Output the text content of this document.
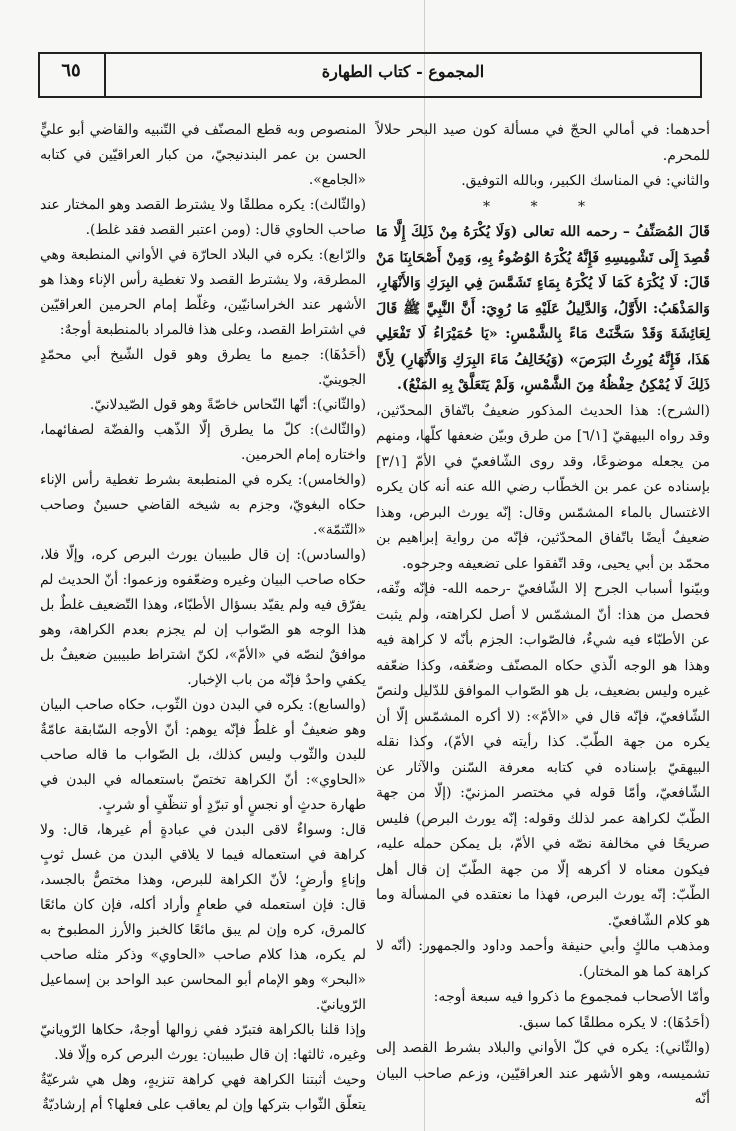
٦٥	المجموع - كتاب الطهارة

أحدهما: في أمالي الحجّ في مسألة كون صيد البحر حلالاً للمحرم.

والثاني: في المناسك الكبير، وبالله التوفيق.

* * *

قَالَ المُصَنِّفُ – رحمه الله تعالى (وَلَا يُكْرَهُ مِنْ ذَلِكَ إِلَّا مَا قُصِدَ إِلَى تَشْمِيسِهِ فَإِنَّهُ يُكْرَهُ الوُضُوءُ بِهِ، وَمِنْ أَصْحَابِنَا مَنْ قَالَ: لَا يُكْرَهُ كَمَا لَا يُكْرَهُ بِمَاءٍ تَشَمَّسَ فِي البِرَكِ وَالأَنْهَارِ، وَالمَذْهَبُ: الأَوَّلُ، وَالدَّلِيلُ عَلَيْهِ مَا رُوِيَ: أَنَّ النَّبِيَّ ﷺ قَالَ لِعَائِشَةَ وَقَدْ سَخَّنَتْ مَاءً بِالشَّمْسِ: «يَا حُمَيْرَاءُ لَا تَفْعَلِي هَذَا، فَإِنَّهُ يُورِثُ البَرَصَ» (وَيُخَالِفُ مَاءَ البِرَكِ وَالأَنْهَارِ) لِأَنَّ ذَلِكَ لَا يُمْكِنُ حِفْظُهُ مِنَ الشَّمْسِ، وَلَمْ يَتَعَلَّقْ بِهِ المَنْعُ).

(الشرح): هذا الحديث المذكور ضعيفٌ باتّفاق المحدّثين، وقد رواه البيهقيّ [٦/١] من طرق وبيّن ضعفها كلّها، ومنهم من يجعله موضوعًا، وقد روى الشّافعيّ في الأمّ [٣/١] بإسناده عن عمر بن الخطّاب رضي الله عنه أنه كان يكره الاغتسال بالماء المشمّس وقال: إنّه يورث البرص، وهذا ضعيفٌ أيضًا باتّفاق المحدّثين، فإنّه من رواية إبراهيم بن محمّد بن أبي يحيى، وقد اتّفقوا على تضعيفه وجرحوه.

وبيّنوا أسباب الجرح إلا الشّافعيّ -رحمه الله- فإنّه وثّقه، فحصل من هذا: أنّ المشمّس لا أصل لكراهته، ولم يثبت عن الأطبّاء فيه شيءٌ، فالصّواب: الجزم بأنّه لا كراهة فيه وهذا هو الوجه الّذي حكاه المصنّف وضعّفه، وكذا ضعّفه غيره وليس بضعيف، بل هو الصّواب الموافق للدّليل ولنصّ الشّافعيّ، فإنّه قال في «الأمّ»: (لا أكره المشمّس إلّا أن يكره من جهة الطّبّ. كذا رأيته في الأمّ)، وكذا نقله البيهقيّ بإسناده في كتابه معرفة السّنن والآثار عن الشّافعيّ، وأمّا قوله في مختصر المزنيّ: (إلّا من جهة الطّبّ لكراهة عمر لذلك وقوله: إنّه يورث البرص) فليس صريحًا في مخالفة نصّه في الأمّ، بل يمكن حمله عليه، فيكون معناه لا أكرهه إلّا من جهة الطّبّ إن قال أهل الطّبّ: إنّه يورث البرص، فهذا ما نعتقده في المسألة وما هو كلام الشّافعيّ.

ومذهب مالكٍ وأبي حنيفة وأحمد وداود والجمهور: (أنّه لا كراهة كما هو المختار).

وأمّا الأصحاب فمجموع ما ذكروا فيه سبعة أوجه:

(أحَدُهَا): لا يكره مطلقًا كما سبق.

(والثّاني): يكره في كلّ الأواني والبلاد بشرط القصد إلى تشميسه، وهو الأشهر عند العراقيّين، وزعم صاحب البيان أنّه

المنصوص وبه قطع المصنّف في التّنبيه والقاضي أبو عليٍّ الحسن بن عمر البندنيجيّ، من كبار العراقيّين في كتابه «الجامع».

(والثّالث): يكره مطلقًا ولا يشترط القصد وهو المختار عند صاحب الحاوي قال: (ومن اعتبر القصد فقد غلط).

والرّابع): يكره في البلاد الحارّة في الأواني المنطبعة وهي المطرقة، ولا يشترط القصد ولا تغطية رأس الإناء وهذا هو الأشهر عند الخراسانيّين، وغلّط إمام الحرمين العراقيّين في اشتراط القصد، وعلى هذا فالمراد بالمنطبعة أوجهٌ:

(أحَدُهَا): جميع ما يطرق وهو قول الشّيخ أبي محمّدٍ الجوينيّ.

(والثّاني): أنّها النّحاس خاصّةً وهو قول الصّيدلانيّ.

(والثّالث): كلّ ما يطرق إلّا الذّهب والفضّة لصفائهما، واختاره إمام الحرمين.

(والخامس): يكره في المنطبعة بشرط تغطية رأس الإناء حكاه البغويّ، وجزم به شيخه القاضي حسينٌ وصاحب «التّتمّة».

(والسادس): إن قال طبيبان يورث البرص كره، وإلّا فلا، حكاه صاحب البيان وغيره وضعّفوه وزعموا: أنّ الحديث لم يفرّق فيه ولم يقيّد بسؤال الأطبّاء، وهذا التّضعيف غلطٌ بل هذا الوجه هو الصّواب إن لم يجزم بعدم الكراهة، وهو موافقٌ لنصّه في «الأمّ»، لكنّ اشتراط طبيبين ضعيفٌ بل يكفي واحدٌ فإنّه من باب الإخبار.

(والسابع): يكره في البدن دون الثّوب، حكاه صاحب البيان وهو ضعيفٌ أو غلطٌ فإنّه يوهم: أنّ الأوجه السّابقة عامّةٌ للبدن والثّوب وليس كذلك، بل الصّواب ما قاله صاحب «الحاوي»: أنّ الكراهة تختصّ باستعماله في البدن في طهارة حدثٍ أو نجسٍ أو تبرّدٍ أو تنظّفٍ أو شربٍ.

قال: وسواءٌ لاقى البدن في عبادةٍ أم غيرها، قال: ولا كراهة في استعماله فيما لا يلاقي البدن من غسل ثوبٍ وإناءٍ وأرضٍ؛ لأنّ الكراهة للبرص، وهذا مختصٌّ بالجسد، قال: فإن استعمله في طعامٍ وأراد أكله، فإن كان مائعًا كالمرق، كره وإن لم يبق مائعًا كالخبز والأرز المطبوخ به لم يكره، هذا كلام صاحب «الحاوي» وذكر مثله صاحب «البحر» وهو الإمام أبو المحاسن عبد الواحد بن إسماعيل الرّويانيّ.

وإذا قلنا بالكراهة فتبرّد ففي زوالها أوجهٌ، حكاها الرّويانيّ وغيره، ثالثها: إن قال طبيبان: يورث البرص كره وإلّا فلا.

وحيث أثبتنا الكراهة فهي كراهة تنزيهٍ، وهل هي شرعيّةٌ يتعلّق الثّواب بتركها وإن لم يعاقب على فعلها؟ أم إرشاديّةٌ
